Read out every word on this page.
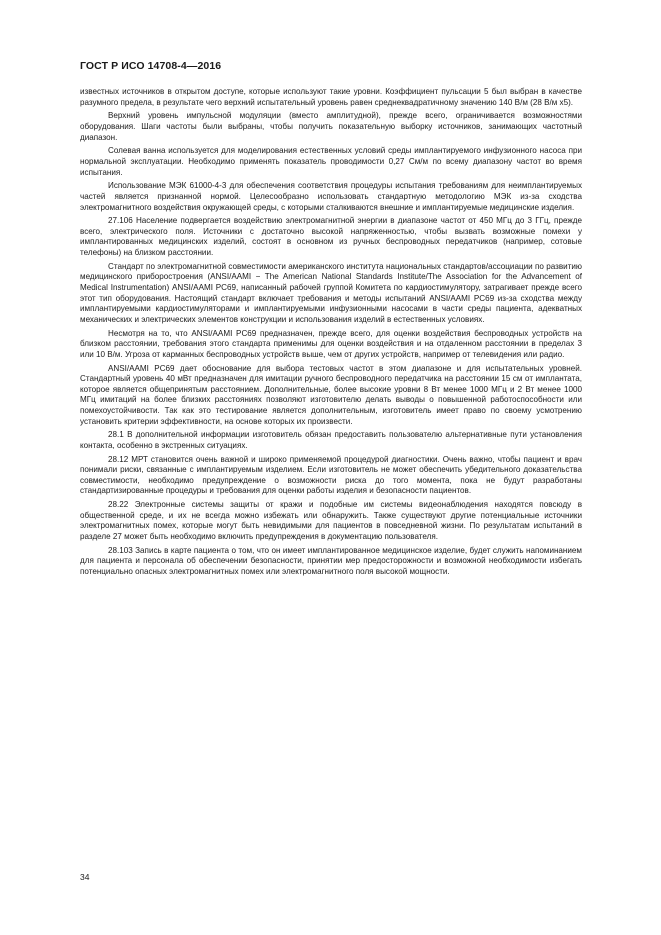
ГОСТ Р ИСО 14708-4—2016

известных источников в открытом доступе, которые используют такие уровни. Коэффициент пульсации 5 был выбран в качестве разумного предела, в результате чего верхний испытательный уровень равен среднеквадратичному значению 140 В/м (28 В/м x5).

Верхний уровень импульсной модуляции (вместо амплитудной), прежде всего, ограничивается возможностями оборудования. Шаги частоты были выбраны, чтобы получить показательную выборку источников, занимающих частотный диапазон.

Солевая ванна используется для моделирования естественных условий среды имплантируемого инфузионного насоса при нормальной эксплуатации. Необходимо применять показатель проводимости 0,27 См/м по всему диапазону частот во время испытания.

Использование МЭК 61000-4-3 для обеспечения соответствия процедуры испытания требованиям для неимплантируемых частей является признанной нормой. Целесообразно использовать стандартную методологию МЭК из-за сходства электромагнитного воздействия окружающей среды, с которыми сталкиваются внешние и имплантируемые медицинские изделия.

27.106 Население подвергается воздействию электромагнитной энергии в диапазоне частот от 450 МГц до 3 ГГц, прежде всего, электрического поля. Источники с достаточно высокой напряженностью, чтобы вызвать возможные помехи у имплантированных медицинских изделий, состоят в основном из ручных беспроводных передатчиков (например, сотовые телефоны) на близком расстоянии.

Стандарт по электромагнитной совместимости американского института национальных стандартов/ассоциации по развитию медицинского приборостроения (ANSI/AAMI − The American National Standards Institute/The Association for the Advancement of Medical Instrumentation) ANSI/AAMI PC69, написанный рабочей группой Комитета по кардиостимулятору, затрагивает прежде всего этот тип оборудования. Настоящий стандарт включает требования и методы испытаний ANSI/AAMI PC69 из-за сходства между имплантируемыми кардиостимуляторами и имплантируемыми инфузионными насосами в части среды пациента, адекватных механических и электрических элементов конструкции и использования изделий в естественных условиях.

Несмотря на то, что ANSI/AAMI PC69 предназначен, прежде всего, для оценки воздействия беспроводных устройств на близком расстоянии, требования этого стандарта применимы для оценки воздействия и на отдаленном расстоянии в пределах 3 или 10 В/м. Угроза от карманных беспроводных устройств выше, чем от других устройств, например от телевидения или радио.

ANSI/AAMI PC69 дает обоснование для выбора тестовых частот в этом диапазоне и для испытательных уровней. Стандартный уровень 40 мВт предназначен для имитации ручного беспроводного передатчика на расстоянии 15 см от имплантата, которое является общепринятым расстоянием. Дополнительные, более высокие уровни 8 Вт менее 1000 МГц и 2 Вт менее 1000 МГц имитаций на более близких расстояниях позволяют изготовителю делать выводы о повышенной работоспособности или помехоустойчивости. Так как это тестирование является дополнительным, изготовитель имеет право по своему усмотрению установить критерии эффективности, на основе которых их произвести.

28.1 В дополнительной информации изготовитель обязан предоставить пользователю альтернативные пути установления контакта, особенно в экстренных ситуациях.

28.12 МРТ становится очень важной и широко применяемой процедурой диагностики. Очень важно, чтобы пациент и врач понимали риски, связанные с имплантируемым изделием. Если изготовитель не может обеспечить убедительного доказательства совместимости, необходимо предупреждение о возможности риска до того момента, пока не будут разработаны стандартизированные процедуры и требования для оценки работы изделия и безопасности пациентов.

28.22 Электронные системы защиты от кражи и подобные им системы видеонаблюдения находятся повсюду в общественной среде, и их не всегда можно избежать или обнаружить. Также существуют другие потенциальные источники электромагнитных помех, которые могут быть невидимыми для пациентов в повседневной жизни. По результатам испытаний в разделе 27 может быть необходимо включить предупреждения в документацию пользователя.

28.103 Запись в карте пациента о том, что он имеет имплантированное медицинское изделие, будет служить напоминанием для пациента и персонала об обеспечении безопасности, принятии мер предосторожности и возможной необходимости избегать потенциально опасных электромагнитных помех или электромагнитного поля высокой мощности.

34
